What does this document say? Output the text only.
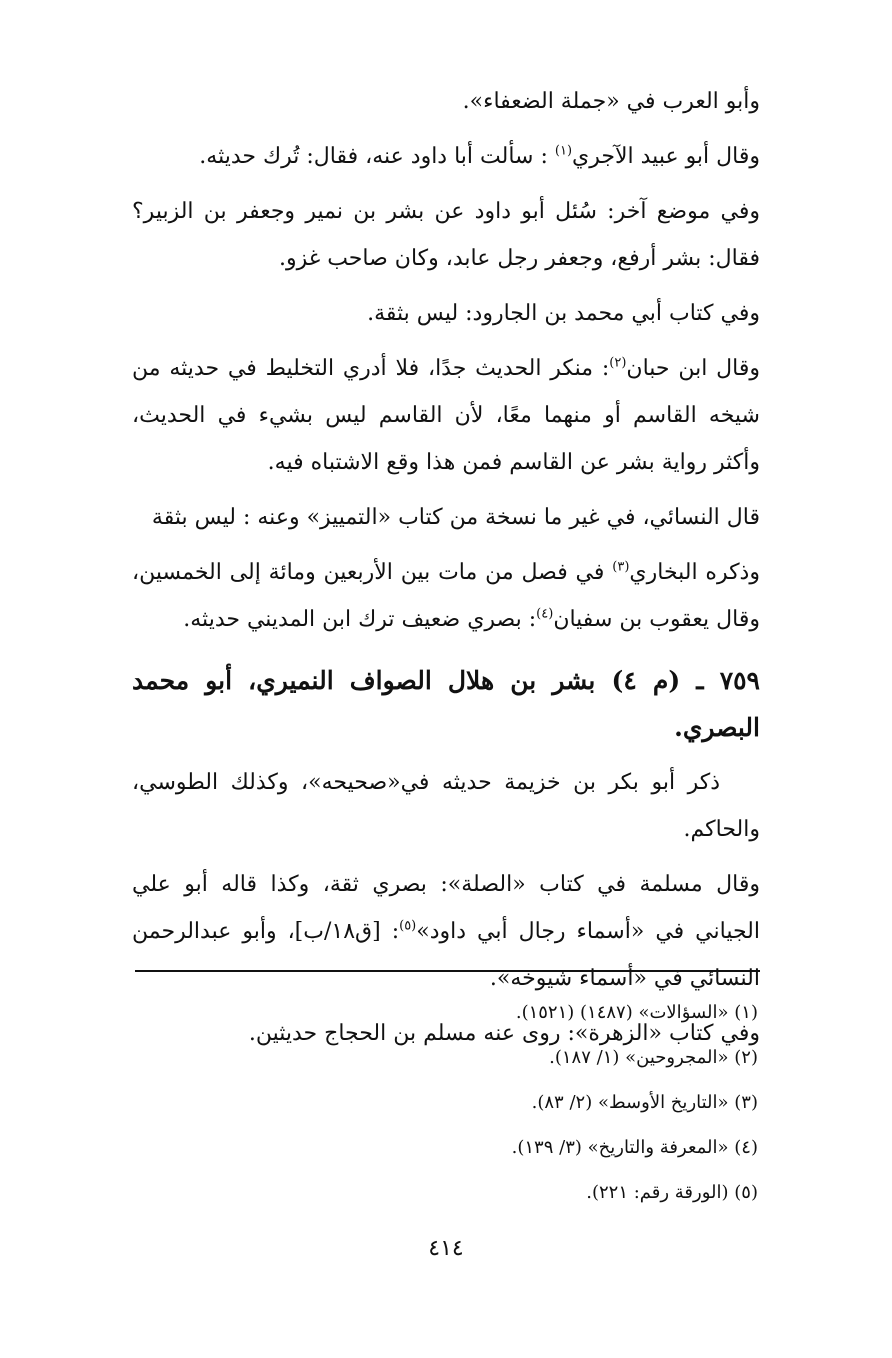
وأبو العرب في «جملة الضعفاء».

وقال أبو عبيد الآجري$^{(١)}$ : سألت أبا داود عنه، فقال: تُرك حديثه.

وفي موضع آخر: سُئل أبو داود عن بشر بن نمير وجعفر بن الزبير؟ فقال: بشر أرفع، وجعفر رجل عابد، وكان صاحب غزو.

وفي كتاب أبي محمد بن الجارود: ليس بثقة.

وقال ابن حبان$^{(٢)}$: منكر الحديث جدًا، فلا أدري التخليط في حديثه من شيخه القاسم أو منهما معًا، لأن القاسم ليس بشيء في الحديث، وأكثر رواية بشر عن القاسم فمن هذا وقع الاشتباه فيه.

قال النسائي، في غير ما نسخة من كتاب «التمييز» وعنه : ليس بثقة

وذكره البخاري$^{(٣)}$ في فصل من مات بين الأربعين ومائة إلى الخمسين، وقال يعقوب بن سفيان$^{(٤)}$: بصري ضعيف ترك ابن المديني حديثه.

٧٥٩ ـ (م ٤) بشر بن هلال الصواف النميري، أبو محمد البصري.

ذكر أبو بكر بن خزيمة حديثه في«صحيحه»، وكذلك الطوسي، والحاكم.

وقال مسلمة في كتاب «الصلة»: بصري ثقة، وكذا قاله أبو علي الجياني في «أسماء رجال أبي داود»$^{(٥)}$: [ق١٨/ب]، وأبو عبدالرحمن النسائي في «أسماء شيوخه».

وفي كتاب «الزهرة»: روى عنه مسلم بن الحجاج حديثين.

(١) «السؤالات» (١٤٨٧) (١٥٢١).
(٢) «المجروحين» (١/ ١٨٧).
(٣) «التاريخ الأوسط» (٢/ ٨٣).
(٤) «المعرفة والتاريخ» (٣/ ١٣٩).
(٥) (الورقة رقم: ٢٢١).
٤١٤
